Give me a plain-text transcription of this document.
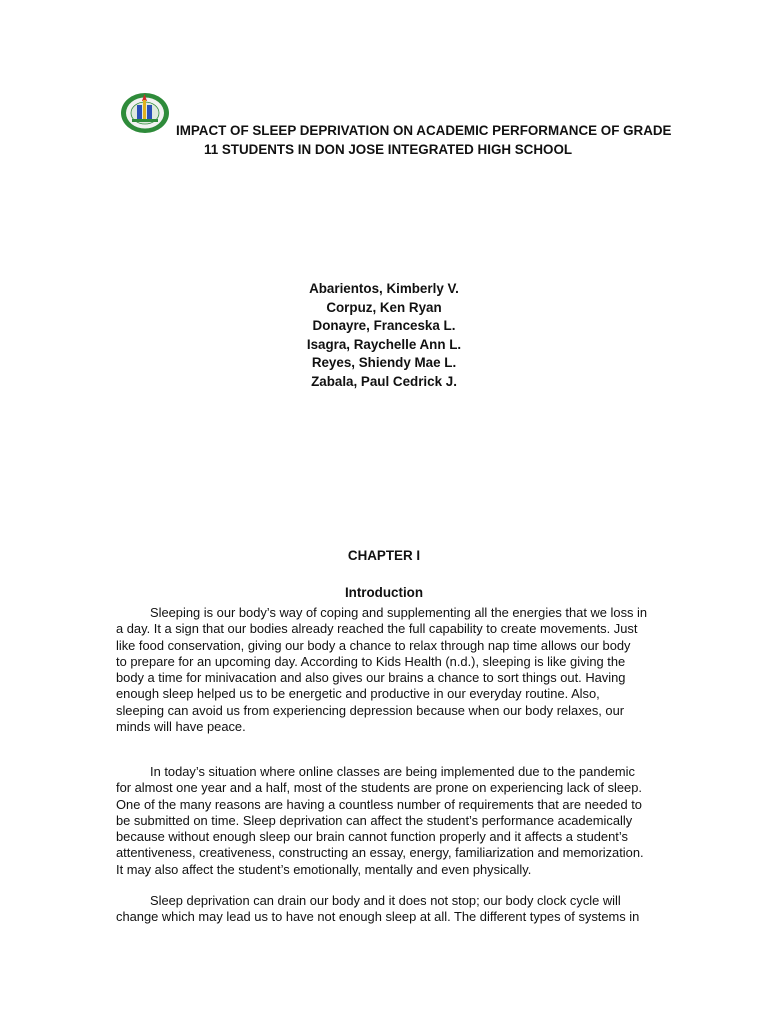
IMPACT OF SLEEP DEPRIVATION ON ACADEMIC PERFORMANCE OF GRADE
11 STUDENTS IN DON JOSE INTEGRATED HIGH SCHOOL
Abarientos, Kimberly V.
Corpuz, Ken Ryan
Donayre, Franceska L.
Isagra, Raychelle Ann L.
Reyes, Shiendy Mae L.
Zabala, Paul Cedrick J.
CHAPTER I
Introduction
Sleeping is our body’s way of coping and supplementing all the energies that we loss in
a day. It a sign that our bodies already reached the full capability to create movements. Just
like food conservation, giving our body a chance to relax through nap time allows our body
to prepare for an upcoming day. According to Kids Health (n.d.), sleeping is like giving the
body a time for minivacation and also gives our brains a chance to sort things out. Having
enough sleep helped us to be energetic and productive in our everyday routine. Also,
sleeping can avoid us from experiencing depression because when our body relaxes, our
minds will have peace.
In today’s situation where online classes are being implemented due to the pandemic
for almost one year and a half, most of the students are prone on experiencing lack of sleep.
One of the many reasons are having a countless number of requirements that are needed to
be submitted on time. Sleep deprivation can affect the student’s performance academically
because without enough sleep our brain cannot function properly and it affects a student’s
attentiveness, creativeness, constructing an essay, energy, familiarization and memorization.
It may also affect the student’s emotionally, mentally and even physically.
Sleep deprivation can drain our body and it does not stop; our body clock cycle will
change which may lead us to have not enough sleep at all. The different types of systems in
